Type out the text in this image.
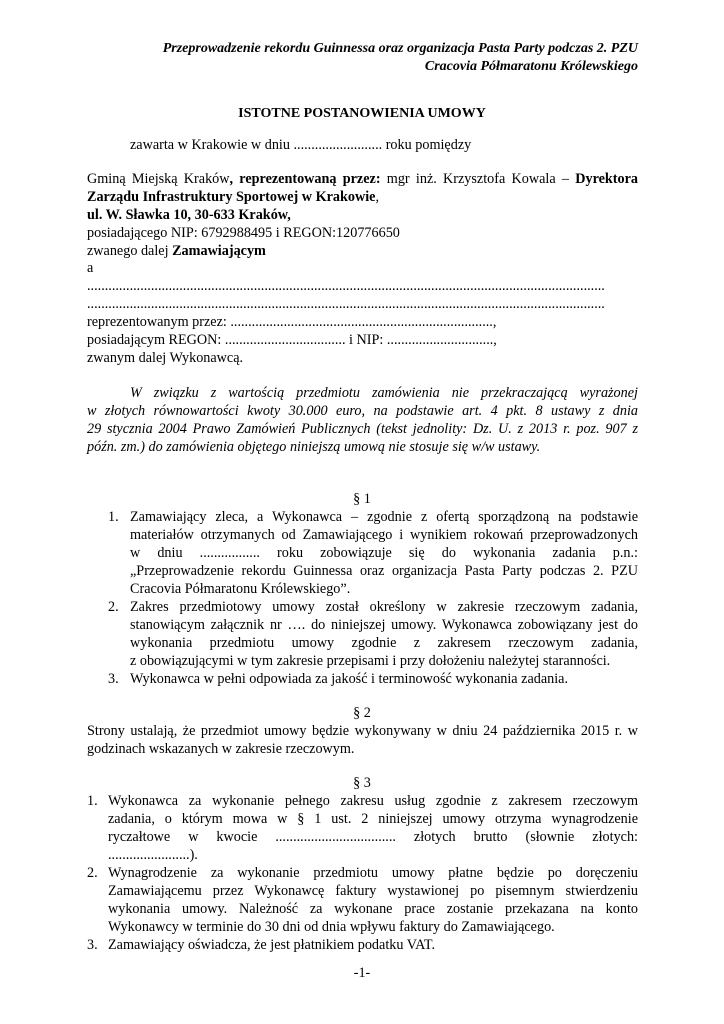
Przeprowadzenie rekordu Guinnessa oraz organizacja Pasta Party podczas 2. PZU
Cracovia Półmaratonu Królewskiego
ISTOTNE POSTANOWIENIA UMOWY
zawarta w Krakowie w dniu ......................... roku pomiędzy
Gminą Miejską Kraków, reprezentowaną przez: mgr inż. Krzysztofa Kowala – Dyrektora
Zarządu Infrastruktury Sportowej w Krakowie,
ul. W. Sławka 10, 30-633 Kraków,
posiadającego NIP: 6792988495 i REGON:120776650
zwanego dalej Zamawiającym
a
..................................................................................................................................................
..................................................................................................................................................
reprezentowanym przez: ..........................................................................,
posiadającym REGON: .................................. i NIP: ..............................,
zwanym dalej Wykonawcą.
W związku z wartością przedmiotu zamówienia nie przekraczającą wyrażonej
w złotych równowartości kwoty 30.000 euro, na podstawie art. 4 pkt. 8 ustawy z dnia
29 stycznia 2004 Prawo Zamówień Publicznych (tekst jednolity: Dz. U. z 2013 r. poz. 907 z
późn. zm.) do zamówienia objętego niniejszą umową nie stosuje się w/w ustawy.
§ 1
1. Zamawiający zleca, a Wykonawca – zgodnie z ofertą sporządzoną na podstawie
materiałów otrzymanych od Zamawiającego i wynikiem rokowań przeprowadzonych
w dniu ................. roku zobowiązuje się do wykonania zadania p.n.:
„Przeprowadzenie rekordu Guinnessa oraz organizacja Pasta Party podczas 2. PZU
Cracovia Półmaratonu Królewskiego”.
2. Zakres przedmiotowy umowy został określony w zakresie rzeczowym zadania,
stanowiącym załącznik nr …. do niniejszej umowy. Wykonawca zobowiązany jest do
wykonania przedmiotu umowy zgodnie z zakresem rzeczowym zadania,
z obowiązującymi w tym zakresie przepisami i przy dołożeniu należytej staranności.
3. Wykonawca w pełni odpowiada za jakość i terminowość wykonania zadania.
§ 2
Strony ustalają, że przedmiot umowy będzie wykonywany w dniu 24 października 2015 r. w
godzinach wskazanych w zakresie rzeczowym.
§ 3
1. Wykonawca za wykonanie pełnego zakresu usług zgodnie z zakresem rzeczowym
zadania, o którym mowa w § 1 ust. 2 niniejszej umowy otrzyma wynagrodzenie
ryczałtowe w kwocie .................................. złotych brutto (słownie złotych:
.......................).
2. Wynagrodzenie za wykonanie przedmiotu umowy płatne będzie po doręczeniu
Zamawiającemu przez Wykonawcę faktury wystawionej po pisemnym stwierdzeniu
wykonania umowy. Należność za wykonane prace zostanie przekazana na konto
Wykonawcy w terminie do 30 dni od dnia wpływu faktury do Zamawiającego.
3. Zamawiający oświadcza, że jest płatnikiem podatku VAT.
-1-
